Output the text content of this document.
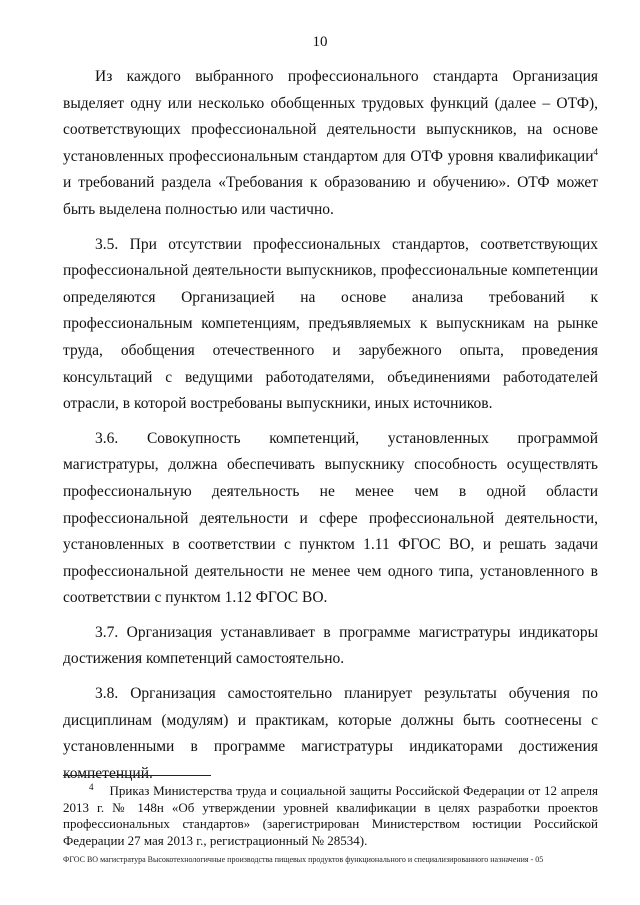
10

Из каждого выбранного профессионального стандарта Организация выделяет одну или несколько обобщенных трудовых функций (далее – ОТФ), соответствующих профессиональной деятельности выпускников, на основе установленных профессиональным стандартом для ОТФ уровня квалификации$^4$ и требований раздела «Требования к образованию и обучению». ОТФ может быть выделена полностью или частично.

3.5. При отсутствии профессиональных стандартов, соответствующих профессиональной деятельности выпускников, профессиональные компетенции определяются Организацией на основе анализа требований к профессиональным компетенциям, предъявляемых к выпускникам на рынке труда, обобщения отечественного и зарубежного опыта, проведения консультаций с ведущими работодателями, объединениями работодателей отрасли, в которой востребованы выпускники, иных источников.

3.6. Совокупность компетенций, установленных программой магистратуры, должна обеспечивать выпускнику способность осуществлять профессиональную деятельность не менее чем в одной области профессиональной деятельности и сфере профессиональной деятельности, установленных в соответствии с пунктом 1.11 ФГОС ВО, и решать задачи профессиональной деятельности не менее чем одного типа, установленного в соответствии с пунктом 1.12 ФГОС ВО.

3.7. Организация устанавливает в программе магистратуры индикаторы достижения компетенций самостоятельно.

3.8. Организация самостоятельно планирует результаты обучения по дисциплинам (модулям) и практикам, которые должны быть соотнесены с установленными в программе магистратуры индикаторами достижения компетенций.

$^4$ Приказ Министерства труда и социальной защиты Российской Федерации от 12 апреля 2013 г. № 148н «Об утверждении уровней квалификации в целях разработки проектов профессиональных стандартов» (зарегистрирован Министерством юстиции Российской Федерации 27 мая 2013 г., регистрационный № 28534).
ФГОС ВО магистратура Высокотехнологичные производства пищевых продуктов функционального и специализированного назначения - 05
